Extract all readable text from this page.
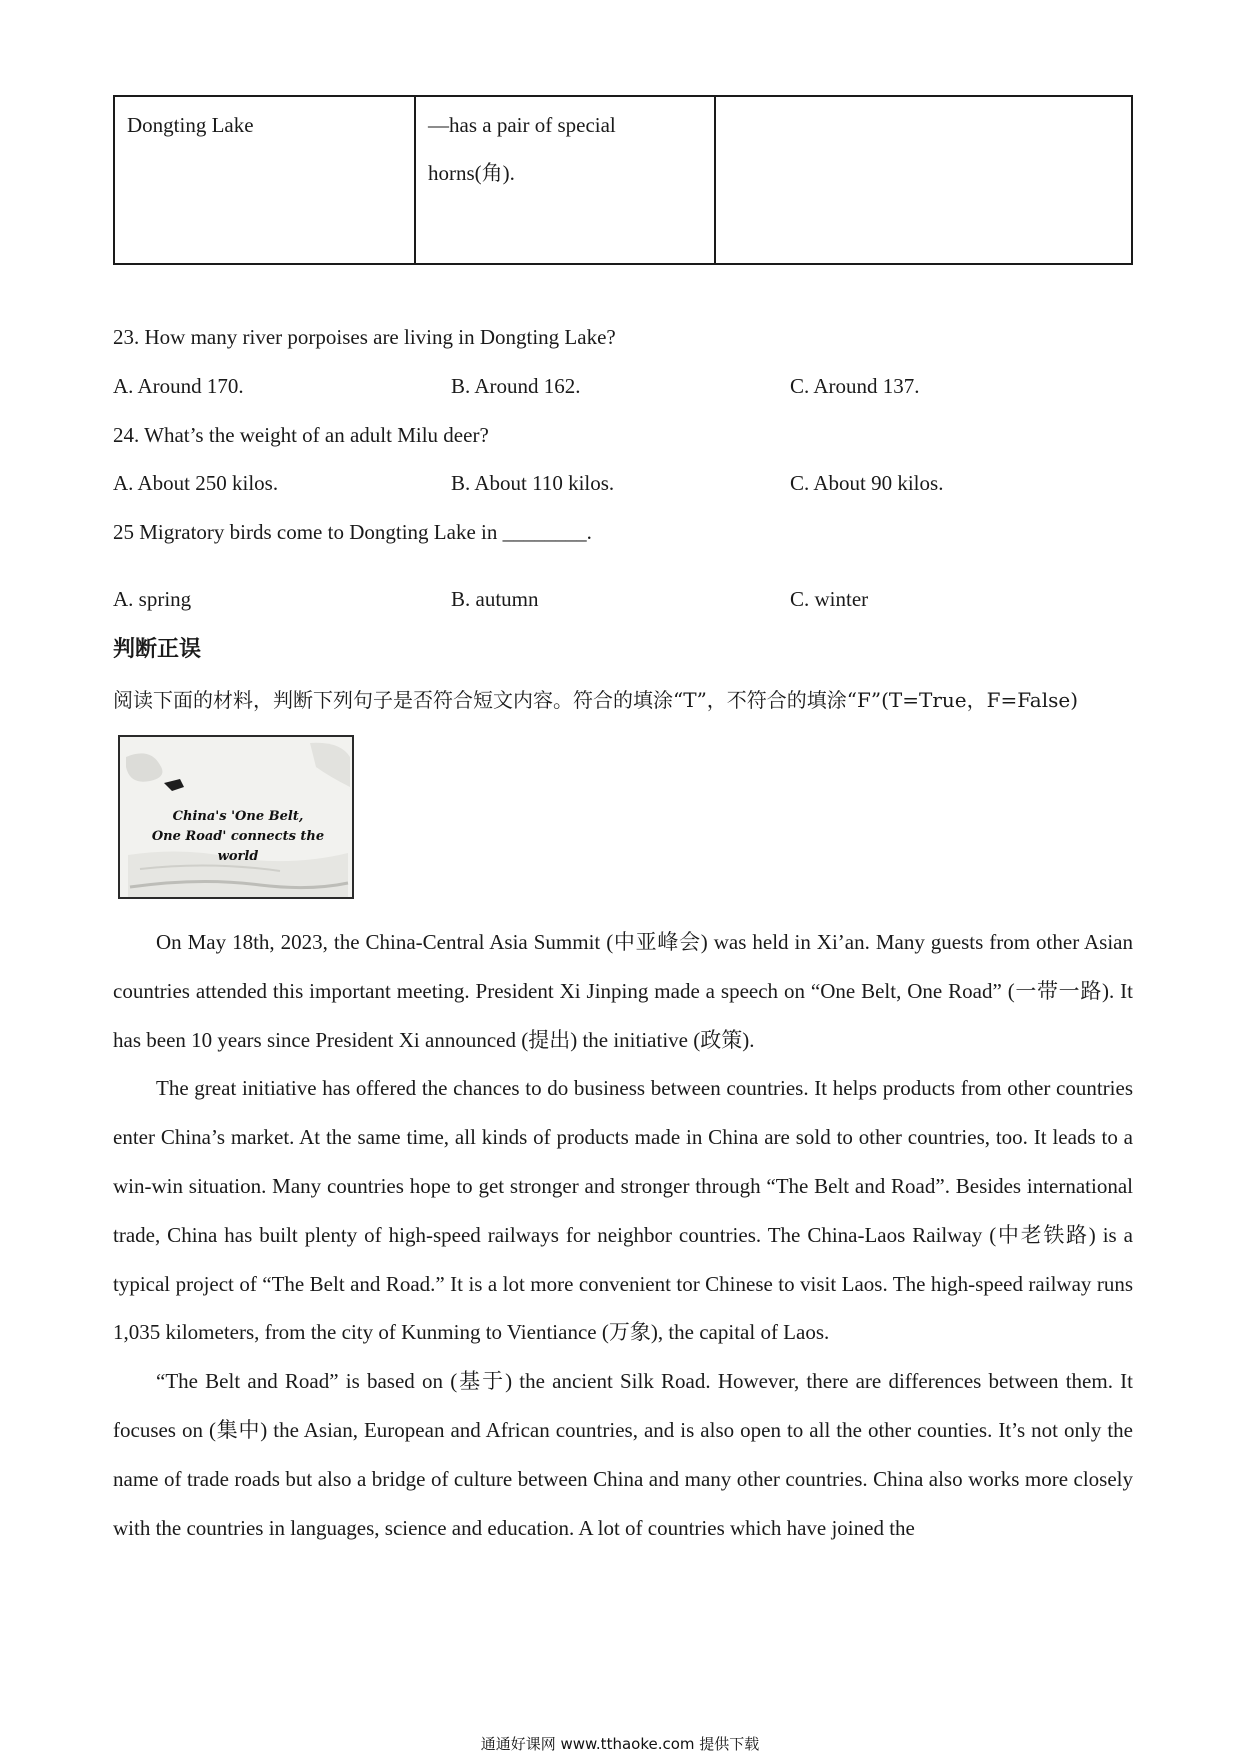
Dongting Lake	—has a pair of special horns(角).

23. How many river porpoises are living in Dongting Lake?
A. Around 170.	B. Around 162.	C. Around 137.
24. What’s the weight of an adult Milu deer?
A. About 250 kilos.	B. About 110 kilos.	C. About 90 kilos.
25 Migratory birds come to Dongting Lake in ________.
A. spring	B. autumn	C. winter
判断正误
阅读下面的材料，判断下列句子是否符合短文内容。符合的填涂“T”，不符合的填涂“F”(T=True，F=False)
China's 'One Belt,
One Road' connects the world

On May 18th, 2023, the China-Central Asia Summit (中亚峰会) was held in Xi’an. Many guests from other Asian countries attended this important meeting. President Xi Jinping made a speech on “One Belt, One Road” (一带一路). It has been 10 years since President Xi announced (提出) the initiative (政策).

The great initiative has offered the chances to do business between countries. It helps products from other countries enter China’s market. At the same time, all kinds of products made in China are sold to other countries, too. It leads to a win-win situation. Many countries hope to get stronger and stronger through “The Belt and Road”. Besides international trade, China has built plenty of high-speed railways for neighbor countries. The China-Laos Railway (中老铁路) is a typical project of “The Belt and Road.” It is a lot more convenient tor Chinese to visit Laos. The high-speed railway runs 1,035 kilometers, from the city of Kunming to Vientiance (万象), the capital of Laos.

“The Belt and Road” is based on (基于) the ancient Silk Road. However, there are differences between them. It focuses on (集中) the Asian, European and African countries, and is also open to all the other counties. It’s not only the name of trade roads but also a bridge of culture between China and many other countries. China also works more closely with the countries in languages, science and education. A lot of countries which have joined the

通通好课网 www.tthaoke.com 提供下载
